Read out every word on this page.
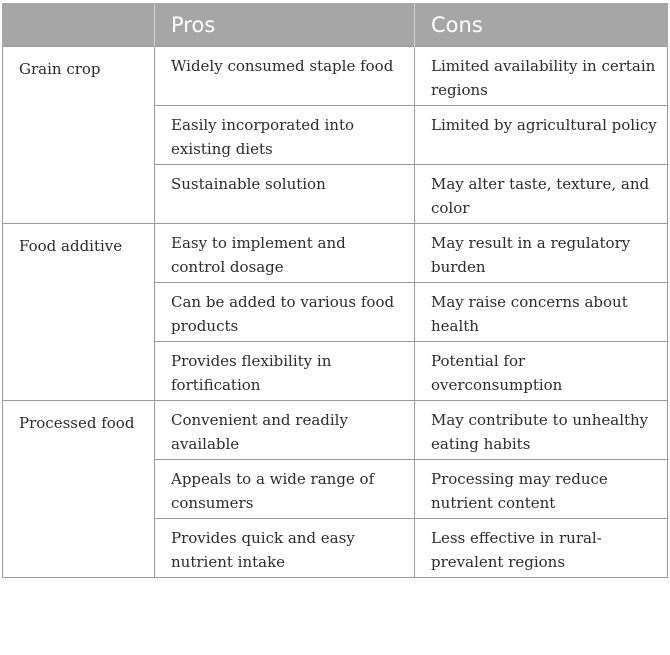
	Pros	Cons
Grain crop	Widely consumed staple food	Limited availability in certain regions
	Easily incorporated into existing diets	Limited by agricultural policy
	Sustainable solution	May alter taste, texture, and color
Food additive	Easy to implement and control dosage	May result in a regulatory burden
	Can be added to various food products	May raise concerns about health
	Provides flexibility in fortification	Potential for overconsumption
Processed food	Convenient and readily available	May contribute to unhealthy eating habits
	Appeals to a wide range of consumers	Processing may reduce nutrient content
	Provides quick and easy nutrient intake	Less effective in rural-prevalent regions
